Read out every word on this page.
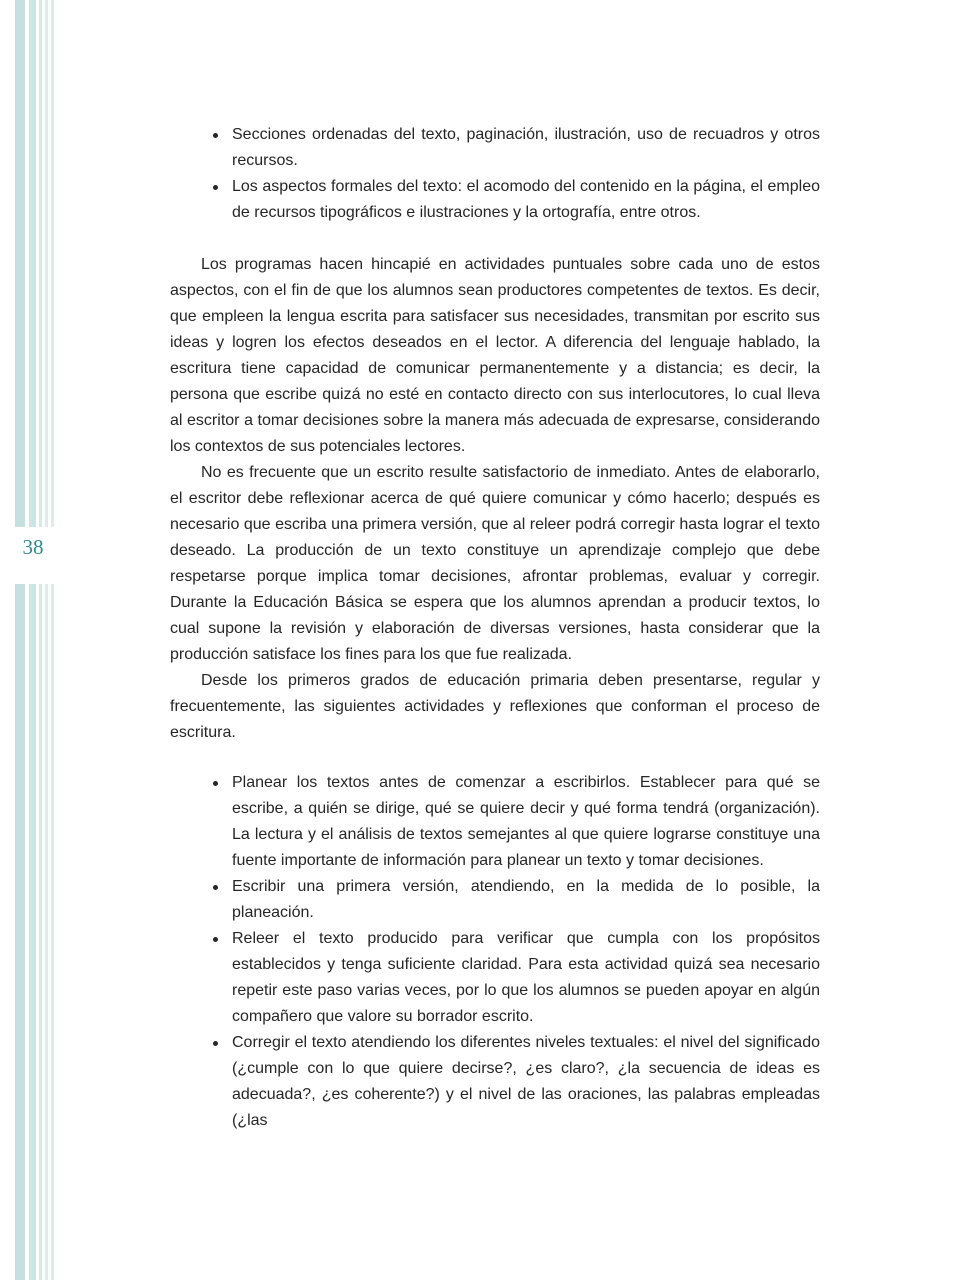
38
Secciones ordenadas del texto, paginación, ilustración, uso de recuadros y otros recursos.
Los aspectos formales del texto: el acomodo del contenido en la página, el empleo de recursos tipográficos e ilustraciones y la ortografía, entre otros.

Los programas hacen hincapié en actividades puntuales sobre cada uno de estos aspectos, con el fin de que los alumnos sean productores competentes de textos. Es decir, que empleen la lengua escrita para satisfacer sus necesidades, transmitan por escrito sus ideas y logren los efectos deseados en el lector. A diferencia del lenguaje hablado, la escritura tiene capacidad de comunicar permanentemente y a distancia; es decir, la persona que escribe quizá no esté en contacto directo con sus interlocutores, lo cual lleva al escritor a tomar decisiones sobre la manera más adecuada de expresarse, considerando los contextos de sus potenciales lectores.

No es frecuente que un escrito resulte satisfactorio de inmediato. Antes de elaborarlo, el escritor debe reflexionar acerca de qué quiere comunicar y cómo hacerlo; después es necesario que escriba una primera versión, que al releer podrá corregir hasta lograr el texto deseado. La producción de un texto constituye un aprendizaje complejo que debe respetarse porque implica tomar decisiones, afrontar problemas, evaluar y corregir. Durante la Educación Básica se espera que los alumnos aprendan a producir textos, lo cual supone la revisión y elaboración de diversas versiones, hasta considerar que la producción satisface los fines para los que fue realizada.

Desde los primeros grados de educación primaria deben presentarse, regular y frecuentemente, las siguientes actividades y reflexiones que conforman el proceso de escritura.

Planear los textos antes de comenzar a escribirlos. Establecer para qué se escribe, a quién se dirige, qué se quiere decir y qué forma tendrá (organización). La lectura y el análisis de textos semejantes al que quiere lograrse constituye una fuente importante de información para planear un texto y tomar decisiones.
Escribir una primera versión, atendiendo, en la medida de lo posible, la planeación.
Releer el texto producido para verificar que cumpla con los propósitos establecidos y tenga suficiente claridad. Para esta actividad quizá sea necesario repetir este paso varias veces, por lo que los alumnos se pueden apoyar en algún compañero que valore su borrador escrito.
Corregir el texto atendiendo los diferentes niveles textuales: el nivel del significado (¿cumple con lo que quiere decirse?, ¿es claro?, ¿la secuencia de ideas es adecuada?, ¿es coherente?) y el nivel de las oraciones, las palabras empleadas (¿las
